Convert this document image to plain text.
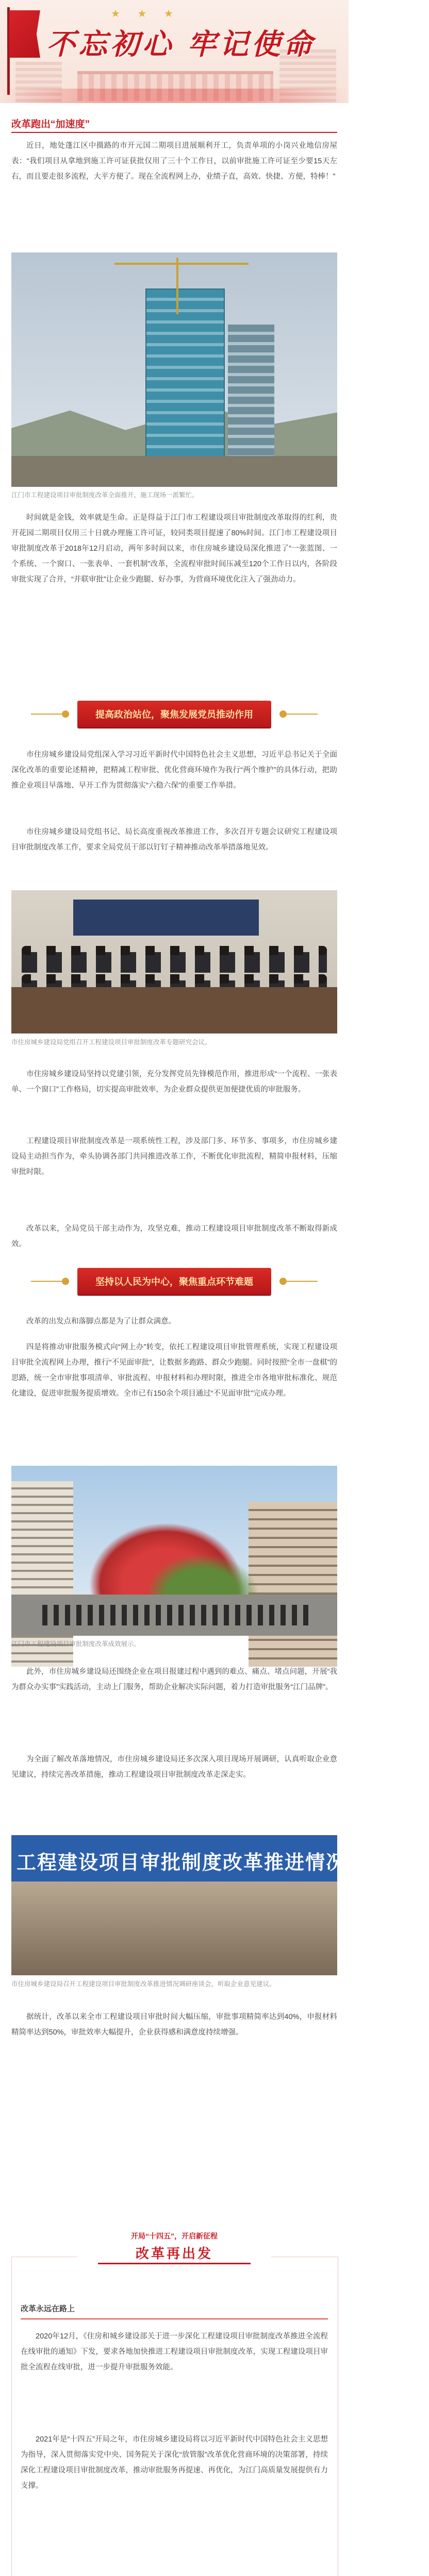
★ ★ ★
不忘初心 牢记使命
改革跑出“加速度”

近日，地处蓬江区中摄路的市开元国二期项目进展顺利开工，负责单项的小岗兴业地信房屋表：“我们项目从拿地到施工许可证获批仅用了三十个工作日，以前审批施工许可证至少要15天左右，而且要走很多流程，大平方便了。现在全流程网上办，业绩子直，高效、快捷、方便，特棒！”

江门市工程建设项目审批制度改革全面推开，施工现场一派繁忙。

时间就是金钱，效率就是生命。正是得益于江门市工程建设项目审批制度改革取得的红利，贵开花园二期项目仅用三十日就办理施工许可证，较同类项目提速了80%时间。江门市工程建设项目审批制度改革于2018年12月启动，两年多时间以来，市住房城乡建设局深化推进了“一张蓝图、一个系统、一个窗口、一张表单、一套机制”改革，全流程审批时间压减至120个工作日以内，各阶段审批实现了合并，“并联审批”让企业少跑腿、好办事，为营商环境优化注入了强劲动力。

提高政治站位，聚焦发展党员推动作用

市住房城乡建设局党组深入学习习近平新时代中国特色社会主义思想，习近平总书记关于全面深化改革的重要论述精神，把精减工程审批、优化营商环境作为我行“两个维护”的具体行动，把助推企业项目早落地、早开工作为贯彻落实“六稳六保”的重要工作举措。

市住房城乡建设局党组书记、局长高度重视改革推进工作，多次召开专题会议研究工程建设项目审批制度改革工作，要求全局党员干部以钉钉子精神推动改革举措落地见效。

市住房城乡建设局党组召开工程建设项目审批制度改革专题研究会议。

市住房城乡建设局坚持以党建引领，充分发挥党员先锋模范作用，推进形成“一个流程、一张表单、一个窗口”工作格局，切实提高审批效率，为企业群众提供更加便捷优质的审批服务。

工程建设项目审批制度改革是一项系统性工程，涉及部门多、环节多、事项多，市住房城乡建设局主动担当作为，牵头协调各部门共同推进改革工作，不断优化审批流程，精简申报材料，压缩审批时限。

改革以来，全局党员干部主动作为，攻坚克难，推动工程建设项目审批制度改革不断取得新成效。

坚持以人民为中心，聚焦重点环节难题

改革的出发点和落脚点都是为了让群众满意。

四是将推动审批服务模式向“网上办”转变，依托工程建设项目审批管理系统，实现工程建设项目审批全流程网上办理，推行“不见面审批”，让数据多跑路、群众少跑腿。同时按照“全市一盘棋”的思路，统一全市审批事项清单、审批流程、申报材料和办理时限，推进全市各地审批标准化、规范化建设，促进审批服务提质增效。全市已有150余个项目通过“不见面审批”完成办理。

江门市工程建设项目审批制度改革成效展示。

此外，市住房城乡建设局还围绕企业在项目报建过程中遇到的难点、痛点、堵点问题，开展“我为群众办实事”实践活动，主动上门服务，帮助企业解决实际问题，着力打造审批服务“江门品牌”。

为全面了解改革落地情况，市住房城乡建设局还多次深入项目现场开展调研，认真听取企业意见建议，持续完善改革措施，推动工程建设项目审批制度改革走深走实。

工程建设项目审批制度改革推进情况调研座谈

市住房城乡建设局召开工程建设项目审批制度改革推进情况调研座谈会，听取企业意见建议。

据统计，改革以来全市工程建设项目审批时间大幅压缩，审批事项精简率达到40%，申报材料精简率达到50%，审批效率大幅提升，企业获得感和满意度持续增强。

开局“十四五”，开启新征程
改革再出发
改革永远在路上

2020年12月，《住房和城乡建设部关于进一步深化工程建设项目审批制度改革推进全流程在线审批的通知》下发，要求各地加快推进工程建设项目审批制度改革，实现工程建设项目审批全流程在线审批，进一步提升审批服务效能。

2021年是“十四五”开局之年，市住房城乡建设局将以习近平新时代中国特色社会主义思想为指导，深入贯彻落实党中央、国务院关于深化“放管服”改革优化营商环境的决策部署，持续深化工程建设项目审批制度改革，推动审批服务再提速、再优化，为江门高质量发展提供有力支撑。
